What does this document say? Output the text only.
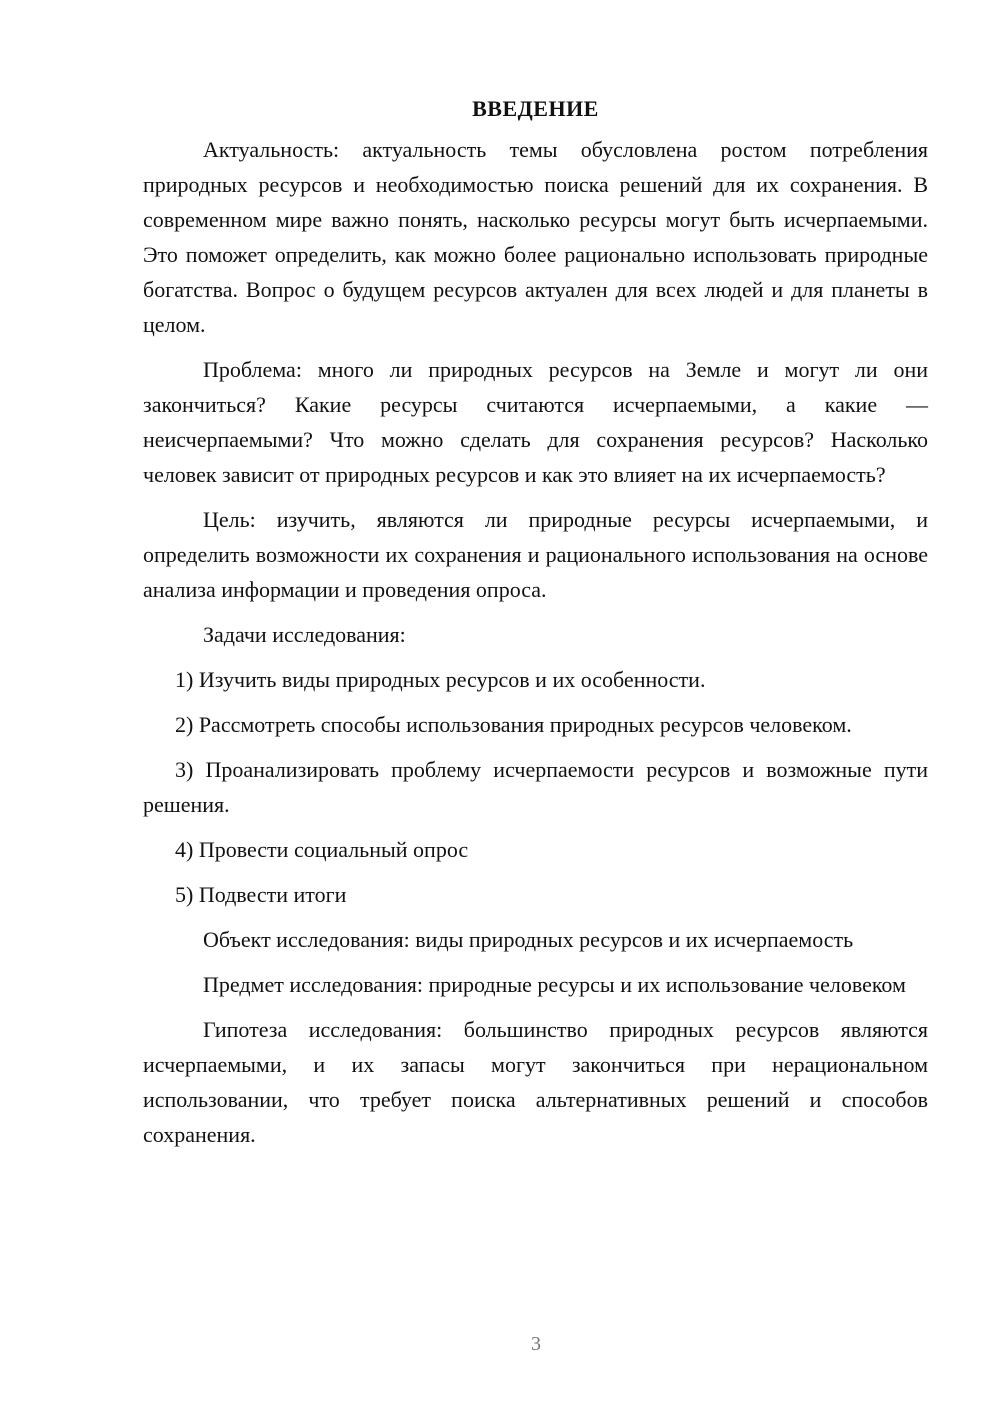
ВВЕДЕНИЕ

Актуальность: актуальность темы обусловлена ростом потребления природных ресурсов и необходимостью поиска решений для их сохранения. В современном мире важно понять, насколько ресурсы могут быть исчерпаемыми. Это поможет определить, как можно более рационально использовать природные богатства. Вопрос о будущем ресурсов актуален для всех людей и для планеты в целом.

Проблема: много ли природных ресурсов на Земле и могут ли они закончиться? Какие ресурсы считаются исчерпаемыми, а какие — неисчерпаемыми? Что можно сделать для сохранения ресурсов? Насколько человек зависит от природных ресурсов и как это влияет на их исчерпаемость?

Цель: изучить, являются ли природные ресурсы исчерпаемыми, и определить возможности их сохранения и рационального использования на основе анализа информации и проведения опроса.

Задачи исследования:

1) Изучить виды природных ресурсов и их особенности.

2) Рассмотреть способы использования природных ресурсов человеком.

3) Проанализировать проблему исчерпаемости ресурсов и возможные пути решения.

4) Провести социальный опрос

5) Подвести итоги

Объект исследования: виды природных ресурсов и их исчерпаемость

Предмет исследования: природные ресурсы и их использование человеком

Гипотеза исследования: большинство природных ресурсов являются исчерпаемыми, и их запасы могут закончиться при нерациональном использовании, что требует поиска альтернативных решений и способов сохранения.

3
